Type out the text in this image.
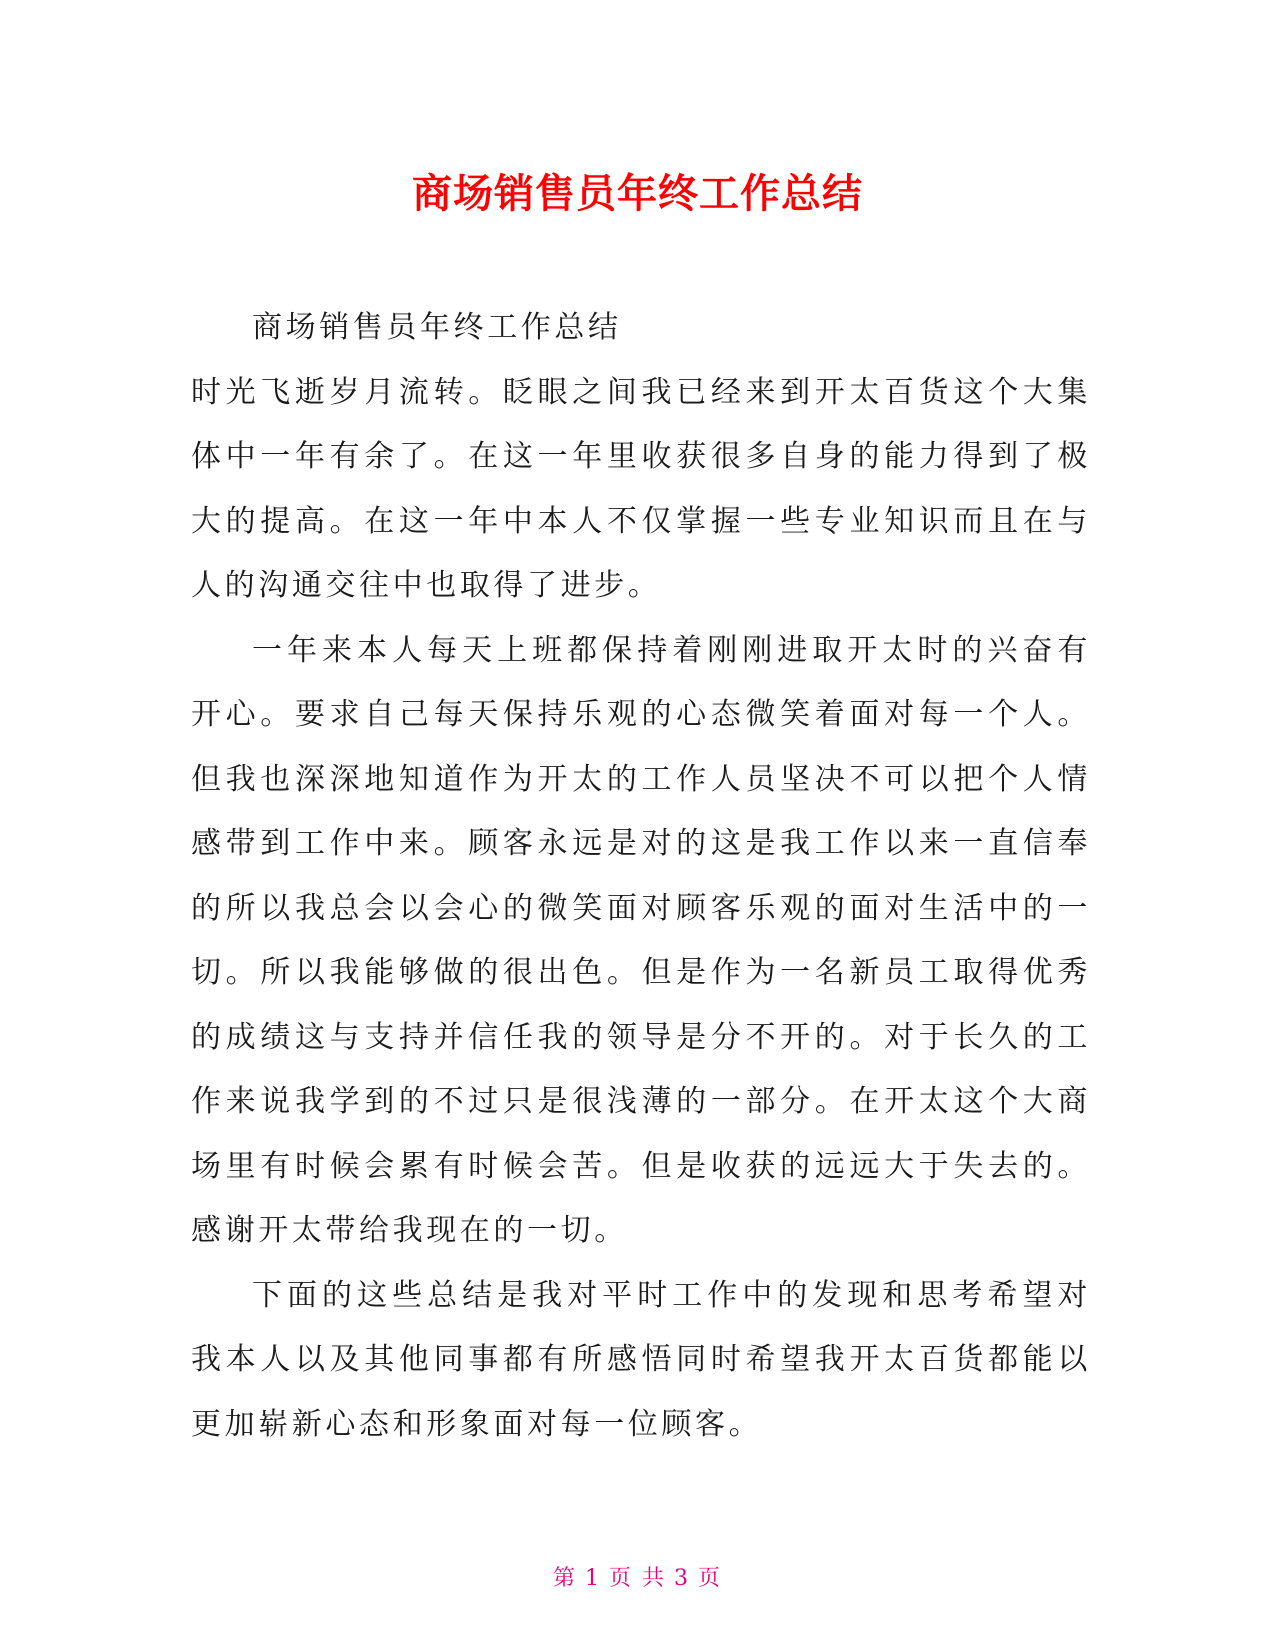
商场销售员年终工作总结

商场销售员年终工作总结

时光飞逝岁月流转。眨眼之间我已经来到开太百货这个大集体中一年有余了。在这一年里收获很多自身的能力得到了极大的提高。在这一年中本人不仅掌握一些专业知识而且在与人的沟通交往中也取得了进步。

一年来本人每天上班都保持着刚刚进取开太时的兴奋有开心。要求自己每天保持乐观的心态微笑着面对每一个人。但我也深深地知道作为开太的工作人员坚决不可以把个人情感带到工作中来。顾客永远是对的这是我工作以来一直信奉的所以我总会以会心的微笑面对顾客乐观的面对生活中的一切。所以我能够做的很出色。但是作为一名新员工取得优秀的成绩这与支持并信任我的领导是分不开的。对于长久的工作来说我学到的不过只是很浅薄的一部分。在开太这个大商场里有时候会累有时候会苦。但是收获的远远大于失去的。感谢开太带给我现在的一切。

下面的这些总结是我对平时工作中的发现和思考希望对我本人以及其他同事都有所感悟同时希望我开太百货都能以更加崭新心态和形象面对每一位顾客。

第 1 页 共 3 页
